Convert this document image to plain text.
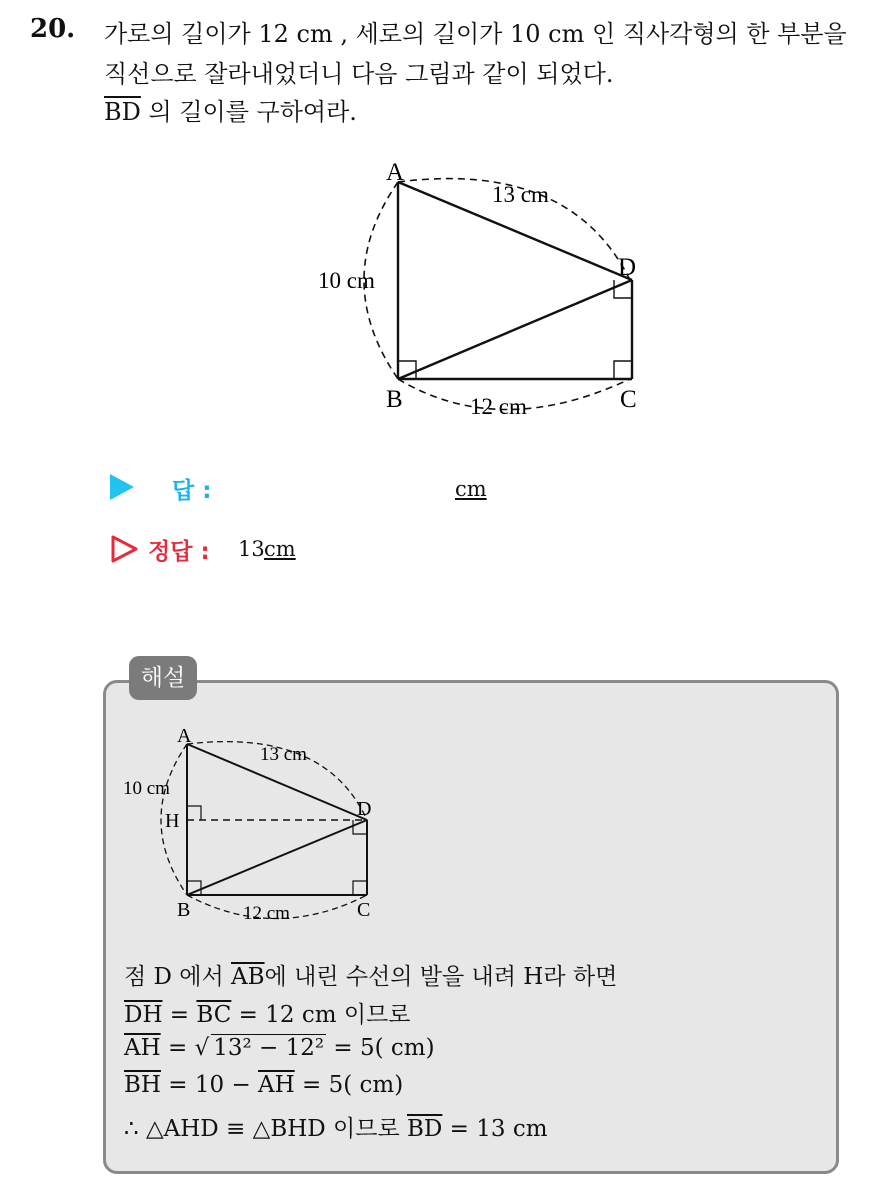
20. 가로의 길이가 12 cm , 세로의 길이가 10 cm 인 직사각형의 한 부분을
직선으로 잘라내었더니 다음 그림과 같이 되었다.
$\overline{BD}$ 의 길이를 구하여라.
A
B	C
D
13 cm
10 cm
12 cm
답 :	cm
정답 : 13 cm
해설
A
B	C
D
H
13 cm
10 cm
12 cm
점 D 에서 $\overline{AB}$에 내린 수선의 발을 내려 H라 하면
$\overline{DH} = \overline{BC} = 12$ cm 이므로
$\overline{AH}$ = √ 13² − 12² = 5( cm)
$\overline{BH} = 10 - \overline{AH} = 5$( cm)
∴ △AHD ≡ △BHD 이므로 $\overline{BD} = 13$ cm
